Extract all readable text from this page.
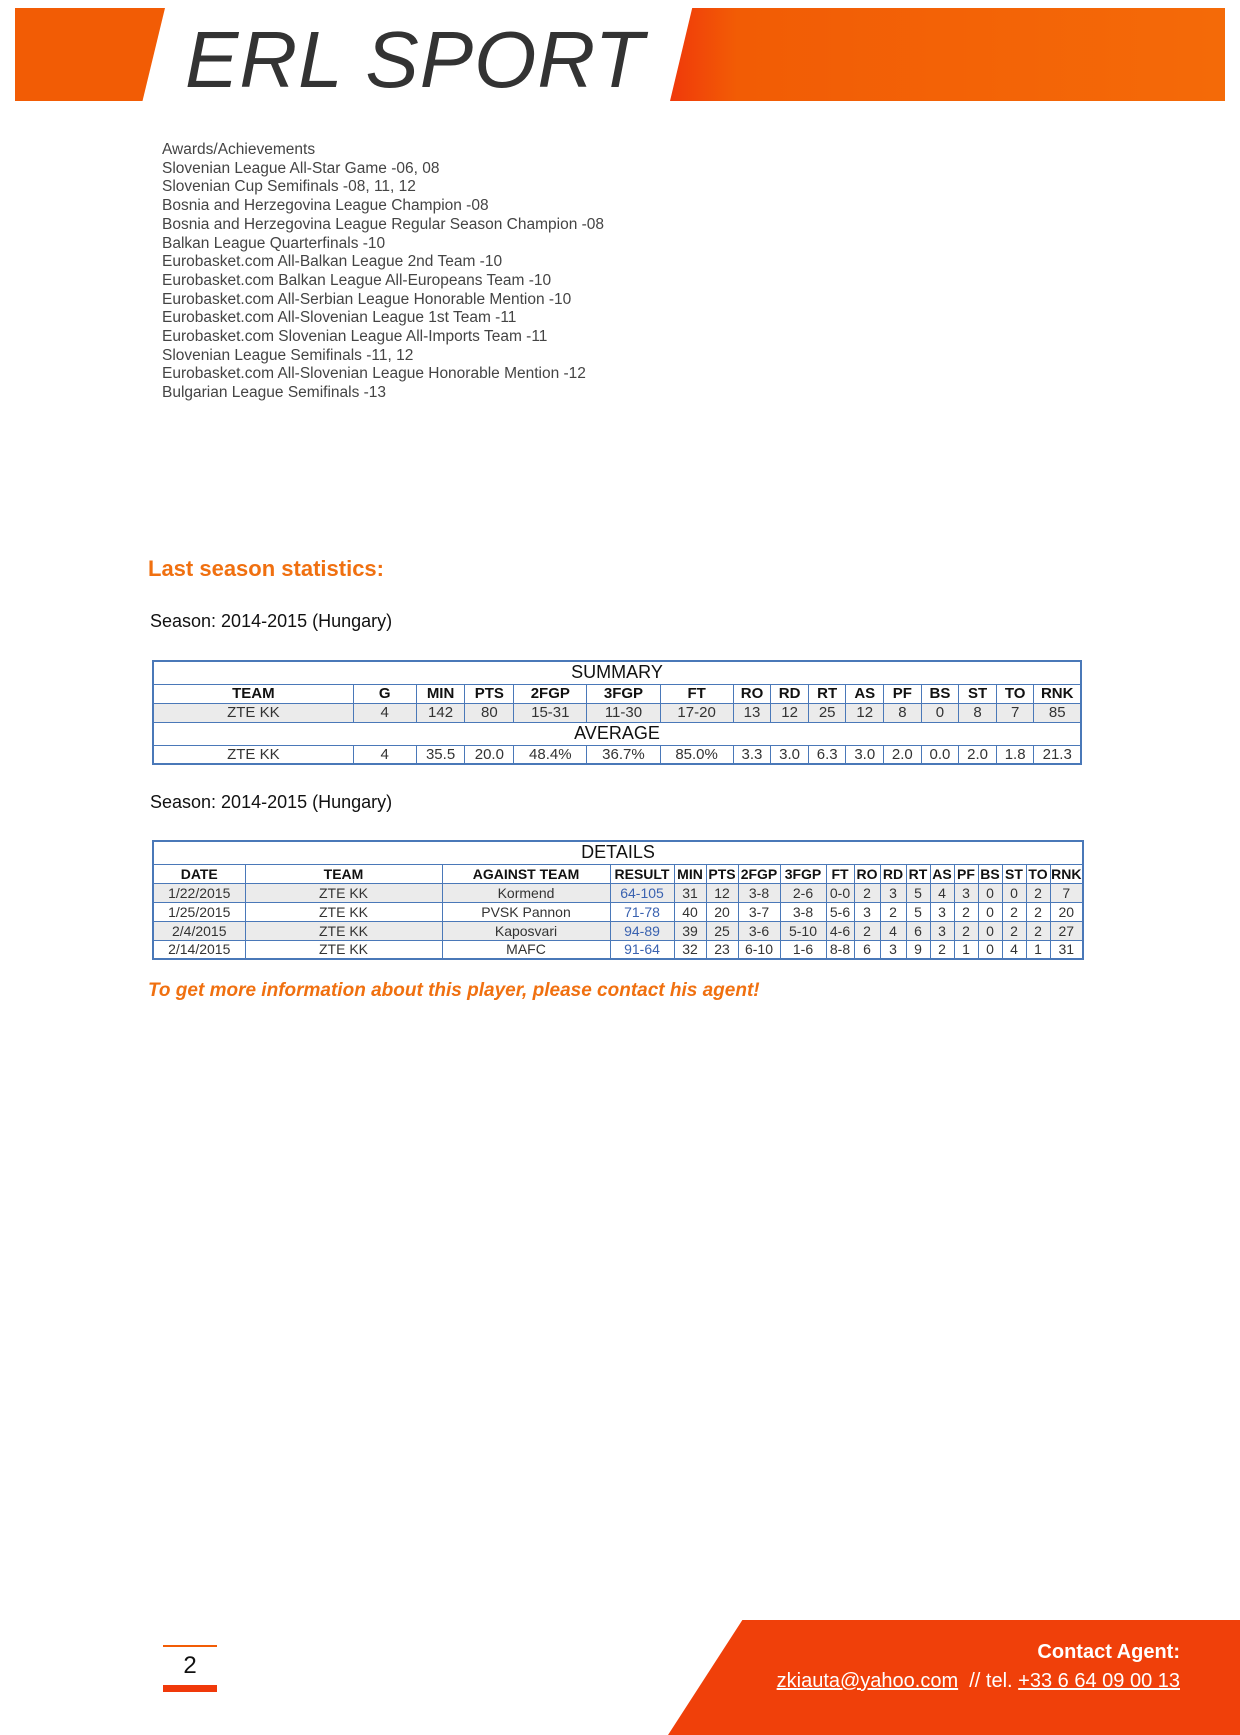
ERL SPORT
Awards/Achievements
Slovenian League All-Star Game -06, 08
Slovenian Cup Semifinals -08, 11, 12
Bosnia and Herzegovina League Champion -08
Bosnia and Herzegovina League Regular Season Champion -08
Balkan League Quarterfinals -10
Eurobasket.com All-Balkan League 2nd Team -10
Eurobasket.com Balkan League All-Europeans Team -10
Eurobasket.com All-Serbian League Honorable Mention -10
Eurobasket.com All-Slovenian League 1st Team -11
Eurobasket.com Slovenian League All-Imports Team -11
Slovenian League Semifinals -11, 12
Eurobasket.com All-Slovenian League Honorable Mention -12
Bulgarian League Semifinals -13
Last season statistics:
Season: 2014-2015 (Hungary)
SUMMARY															
TEAM	G	MIN	PTS	2FGP	3FGP	FT	RO	RD	RT	AS	PF	BS	ST	TO	RNK
ZTE KK	4	142	80	15-31	11-30	17-20	13	12	25	12	8	0	8	7	85
AVERAGE															
ZTE KK	4	35.5	20.0	48.4%	36.7%	85.0%	3.3	3.0	6.3	3.0	2.0	0.0	2.0	1.8	21.3
Season: 2014-2015 (Hungary)
DETAILS																	
DATE	TEAM	AGAINST TEAM	RESULT	MIN	PTS	2FGP	3FGP	FT	RO	RD	RT	AS	PF	BS	ST	TO	RNK
1/22/2015	ZTE KK	Kormend	64-105	31	12	3-8	2-6	0-0	2	3	5	4	3	0	0	2	7
1/25/2015	ZTE KK	PVSK Pannon	71-78	40	20	3-7	3-8	5-6	3	2	5	3	2	0	2	2	20
2/4/2015	ZTE KK	Kaposvari	94-89	39	25	3-6	5-10	4-6	2	4	6	3	2	0	2	2	27
2/14/2015	ZTE KK	MAFC	91-64	32	23	6-10	1-6	8-8	6	3	9	2	1	0	4	1	31
To get more information about this player, please contact his agent!
2	Contact Agent:
zkiauta@yahoo.com  // tel. +33 6 64 09 00 13
